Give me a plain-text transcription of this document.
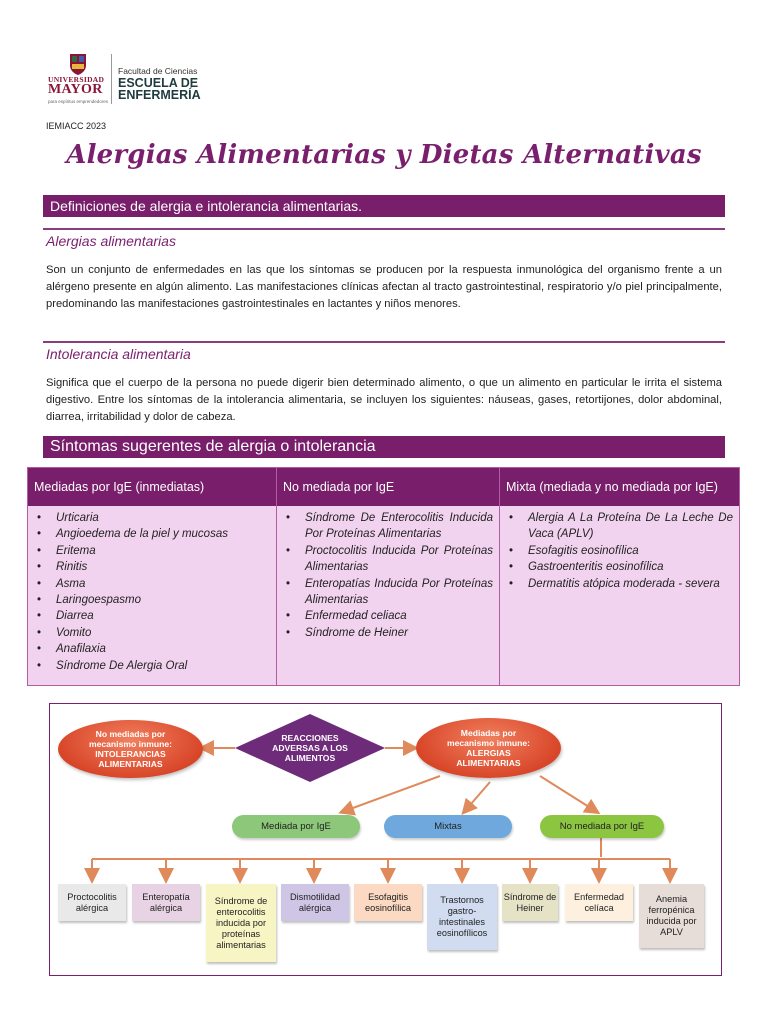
UNIVERSIDAD
MAYOR
para espíritus emprendedores
Facultad de Ciencias
ESCUELA DE
ENFERMERÍA
IEMIACC 2023
Alergias Alimentarias y Dietas Alternativas
Definiciones de alergia e intolerancia alimentarias.
Alergias alimentarias
Son un conjunto de enfermedades en las que los síntomas se producen por la respuesta inmunológica del organismo frente a un alérgeno presente en algún alimento. Las manifestaciones clínicas afectan al tracto gastrointestinal, respiratorio y/o piel principalmente, predominando las manifestaciones gastrointestinales en lactantes y niños menores.
Intolerancia alimentaria
Significa que el cuerpo de la persona no puede digerir bien determinado alimento, o que un alimento en particular le irrita el sistema digestivo. Entre los síntomas de la intolerancia alimentaria, se incluyen los siguientes: náuseas, gases, retortijones, dolor abdominal, diarrea, irritabilidad y dolor de cabeza.
Síntomas sugerentes de alergia o intolerancia
Mediadas por IgE (inmediatas)
• Urticaria
• Angioedema de la piel y mucosas
• Eritema
• Rinitis
• Asma
• Laringoespasmo
• Diarrea
• Vomito
• Anafilaxia
• Síndrome De Alergia Oral
No mediada por IgE
• Síndrome De Enterocolitis Inducida Por Proteínas Alimentarias
• Proctocolitis Inducida Por Proteínas Alimentarias
• Enteropatías Inducida Por Proteínas Alimentarias
• Enfermedad celiaca
• Síndrome de Heiner
Mixta (mediada y no mediada por IgE)
• Alergia A La Proteína De La Leche De Vaca (APLV)
• Esofagitis eosinofílica
• Gastroenteritis eosinofílica
• Dermatitis atópica moderada - severa
No mediadas por
mecanismo inmune:
INTOLERANCIAS
ALIMENTARIAS
REACCIONES
ADVERSAS A LOS
ALIMENTOS
Mediadas por
mecanismo inmune:
ALERGIAS
ALIMENTARIAS
Mediada por IgE	Mixtas	No mediada por IgE
Proctocolitis alérgica
Enteropatía alérgica
Síndrome de enterocolitis inducida por proteínas alimentarias
Dismotilidad alérgica
Esofagitis eosinofílica
Trastornos gastro-intestinales eosinofílicos
Síndrome de Heiner
Enfermedad celíaca
Anemia ferropénica inducida por APLV
